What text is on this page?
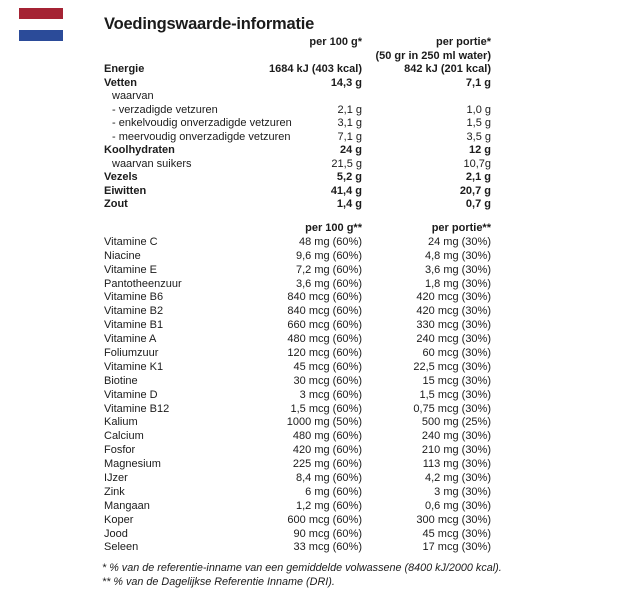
Voedingswaarde-informatie
per 100 g*	per portie*
(50 gr in 250 ml water)
Energie	1684 kJ (403 kcal)	842 kJ (201 kcal)
Vetten	14,3 g	7,1 g
waarvan
- verzadigde vetzuren	2,1 g	1,0 g
- enkelvoudig onverzadigde vetzuren	3,1 g	1,5 g
- meervoudig onverzadigde vetzuren	7,1 g	3,5 g
Koolhydraten	24 g	12 g
waarvan suikers	21,5 g	10,7g
Vezels	5,2 g	2,1 g
Eiwitten	41,4 g	20,7 g
Zout	1,4 g	0,7 g
per 100 g**	per portie**
Vitamine C	48 mg (60%)	24 mg (30%)
Niacine	9,6 mg (60%)	4,8 mg (30%)
Vitamine E	7,2 mg (60%)	3,6 mg (30%)
Pantotheenzuur	3,6 mg (60%)	1,8 mg (30%)
Vitamine B6	840 mcg (60%)	420 mcg (30%)
Vitamine B2	840 mcg (60%)	420 mcg (30%)
Vitamine B1	660 mcg (60%)	330 mcg (30%)
Vitamine A	480 mcg (60%)	240 mcg (30%)
Foliumzuur	120 mcg (60%)	60 mcg (30%)
Vitamine K1	45 mcg (60%)	22,5 mcg (30%)
Biotine	30 mcg (60%)	15 mcg (30%)
Vitamine D	3 mcg (60%)	1,5 mcg (30%)
Vitamine B12	1,5 mcg (60%)	0,75 mcg (30%)
Kalium	1000 mg (50%)	500 mg (25%)
Calcium	480 mg (60%)	240 mg (30%)
Fosfor	420 mg (60%)	210 mg (30%)
Magnesium	225 mg (60%)	113 mg (30%)
IJzer	8,4 mg (60%)	4,2 mg (30%)
Zink	6 mg (60%)	3 mg (30%)
Mangaan	1,2 mg (60%)	0,6 mg (30%)
Koper	600 mcg (60%)	300 mcg (30%)
Jood	90 mcg (60%)	45 mcg (30%)
Seleen	33 mcg (60%)	17 mcg (30%)
* % van de referentie-inname van een gemiddelde volwassene (8400 kJ/2000 kcal).
** % van de Dagelijkse Referentie Inname (DRI).
